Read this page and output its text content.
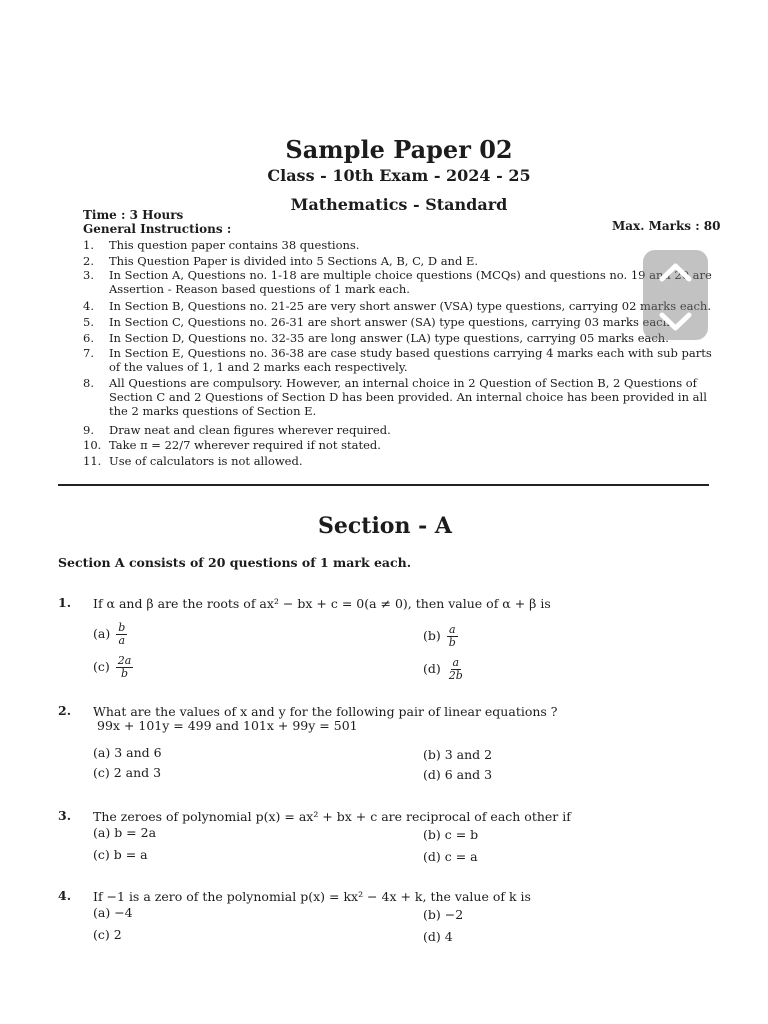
Sample Paper 02
Class - 10th Exam - 2024 - 25
Mathematics - Standard
Time : 3 Hours
Max. Marks : 80
General Instructions :
1.	This question paper contains 38 questions.
2.	This Question Paper is divided into 5 Sections A, B, C, D and E.
3.	In Section A, Questions no. 1-18 are multiple choice questions (MCQs) and questions no. 19 and 20 are Assertion - Reason based questions of 1 mark each.
4.	In Section B, Questions no. 21-25 are very short answer (VSA) type questions, carrying 02 marks each.
5.	In Section C, Questions no. 26-31 are short answer (SA) type questions, carrying 03 marks each.
6.	In Section D, Questions no. 32-35 are long answer (LA) type questions, carrying 05 marks each.
7.	In Section E, Questions no. 36-38 are case study based questions carrying 4 marks each with sub parts of the values of 1, 1 and 2 marks each respectively.
8.	All Questions are compulsory. However, an internal choice in 2 Question of Section B, 2 Questions of Section C and 2 Questions of Section D has been provided. An internal choice has been provided in all the 2 marks questions of Section E.
9.	Draw neat and clean figures wherever required.
10. Take π = 22/7 wherever required if not stated.
11. Use of calculators is not allowed.
Section - A
Section A consists of 20 questions of 1 mark each.
1. If α and β are the roots of ax² − bx + c = 0(a ≠ 0), then value of α + β is
$(a) \frac{b}{a}$	$(b) \frac{a}{b}$
$(c) \frac{2a}{b}$	$(d) \frac{a}{2b}$
2. What are the values of x and y for the following pair of linear equations ?
99x + 101y = 499 and 101x + 99y = 501
(a) 3 and 6	(b) 3 and 2
(c) 2 and 3	(d) 6 and 3
3. The zeroes of polynomial p(x) = ax² + bx + c are reciprocal of each other if
(a) b = 2a	(b) c = b
(c) b = a	(d) c = a
4. If −1 is a zero of the polynomial p(x) = kx² − 4x + k, the value of k is
(a) −4	(b) −2
(c) 2	(d) 4
